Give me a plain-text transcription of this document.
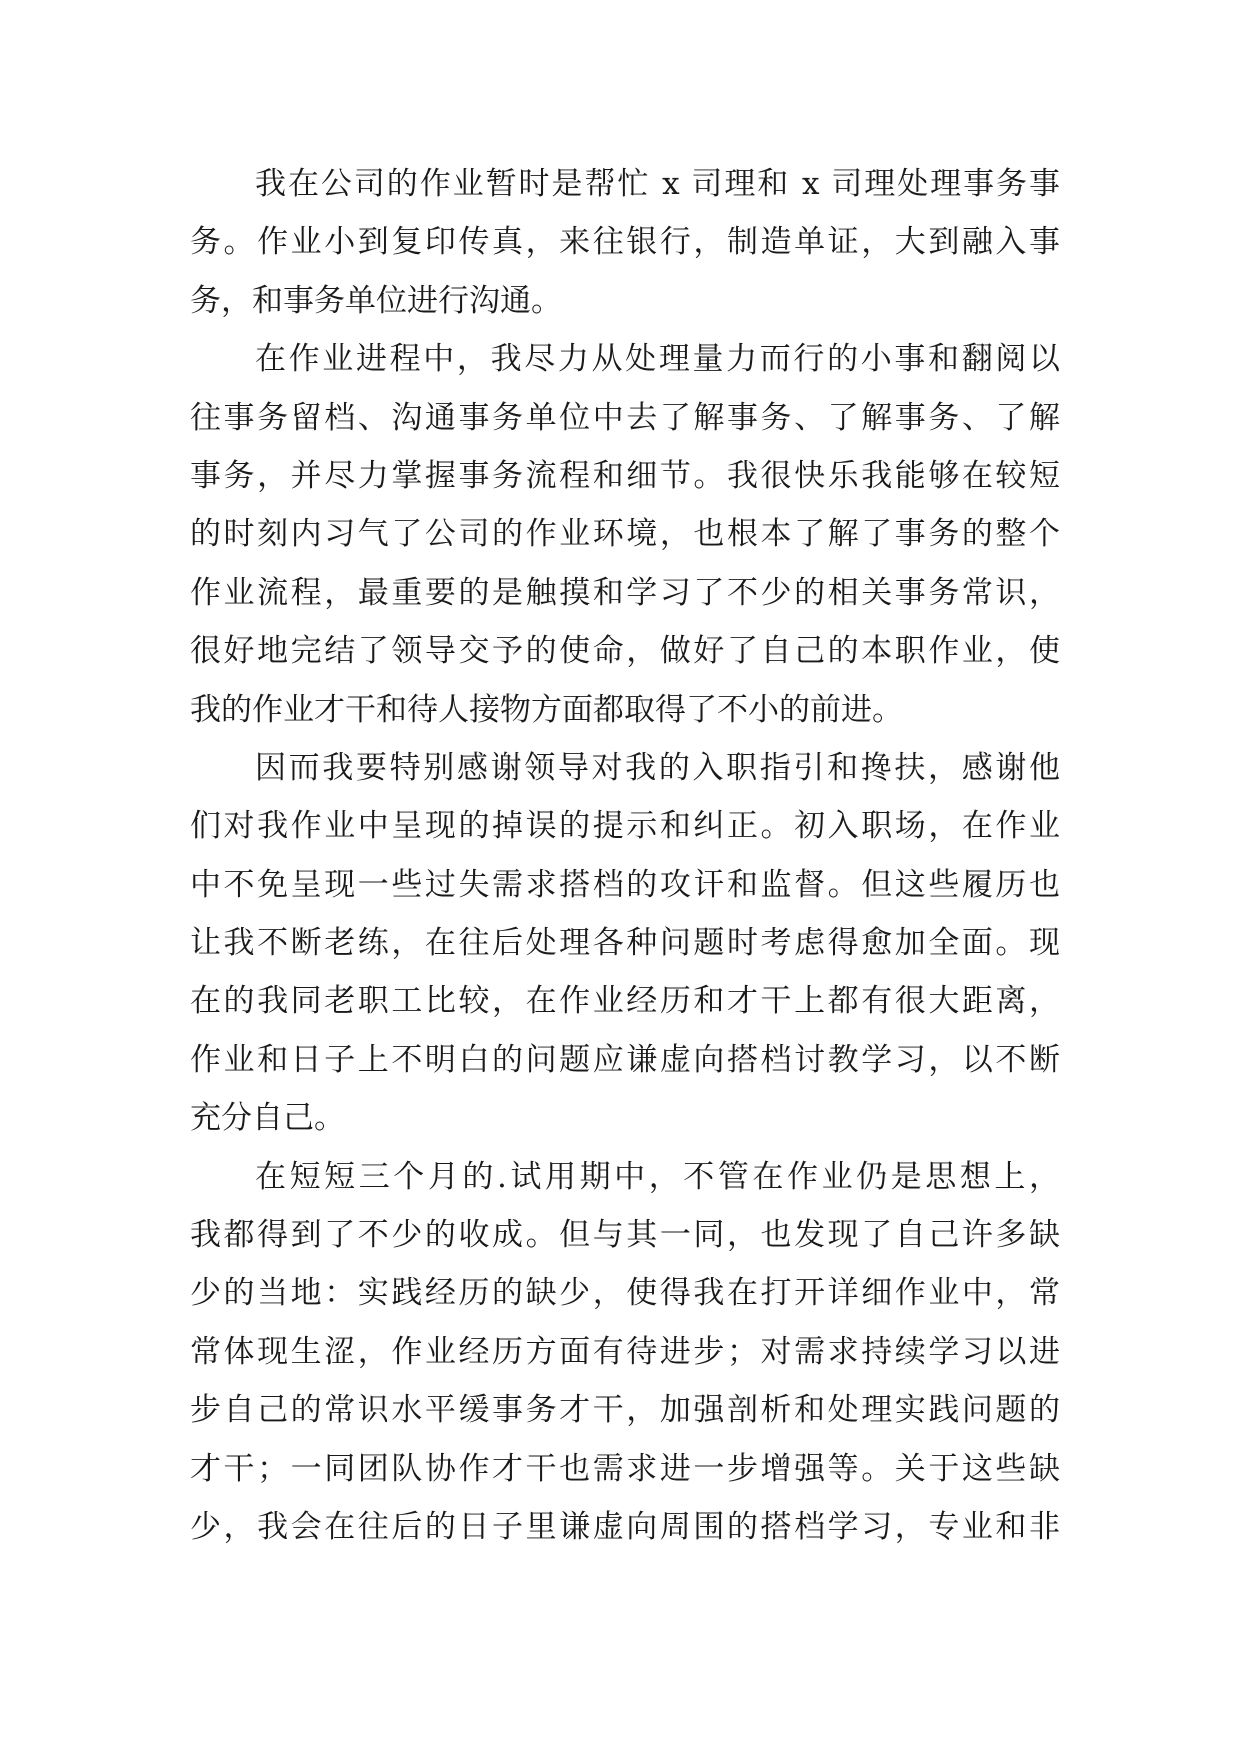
我在公司的作业暂时是帮忙 x 司理和 x 司理处理事务事
务。作业小到复印传真，来往银行，制造单证，大到融入事
务，和事务单位进行沟通。
在作业进程中，我尽力从处理量力而行的小事和翻阅以
往事务留档、沟通事务单位中去了解事务、了解事务、了解
事务，并尽力掌握事务流程和细节。我很快乐我能够在较短
的时刻内习气了公司的作业环境，也根本了解了事务的整个
作业流程，最重要的是触摸和学习了不少的相关事务常识，
很好地完结了领导交予的使命，做好了自己的本职作业，使
我的作业才干和待人接物方面都取得了不小的前进。
因而我要特别感谢领导对我的入职指引和搀扶，感谢他
们对我作业中呈现的掉误的提示和纠正。初入职场，在作业
中不免呈现一些过失需求搭档的攻讦和监督。但这些履历也
让我不断老练，在往后处理各种问题时考虑得愈加全面。现
在的我同老职工比较，在作业经历和才干上都有很大距离，
作业和日子上不明白的问题应谦虚向搭档讨教学习，以不断
充分自己。
在短短三个月的.试用期中，不管在作业仍是思想上，
我都得到了不少的收成。但与其一同，也发现了自己许多缺
少的当地：实践经历的缺少，使得我在打开详细作业中，常
常体现生涩，作业经历方面有待进步；对需求持续学习以进
步自己的常识水平缓事务才干，加强剖析和处理实践问题的
才干；一同团队协作才干也需求进一步增强等。关于这些缺
少，我会在往后的日子里谦虚向周围的搭档学习，专业和非
